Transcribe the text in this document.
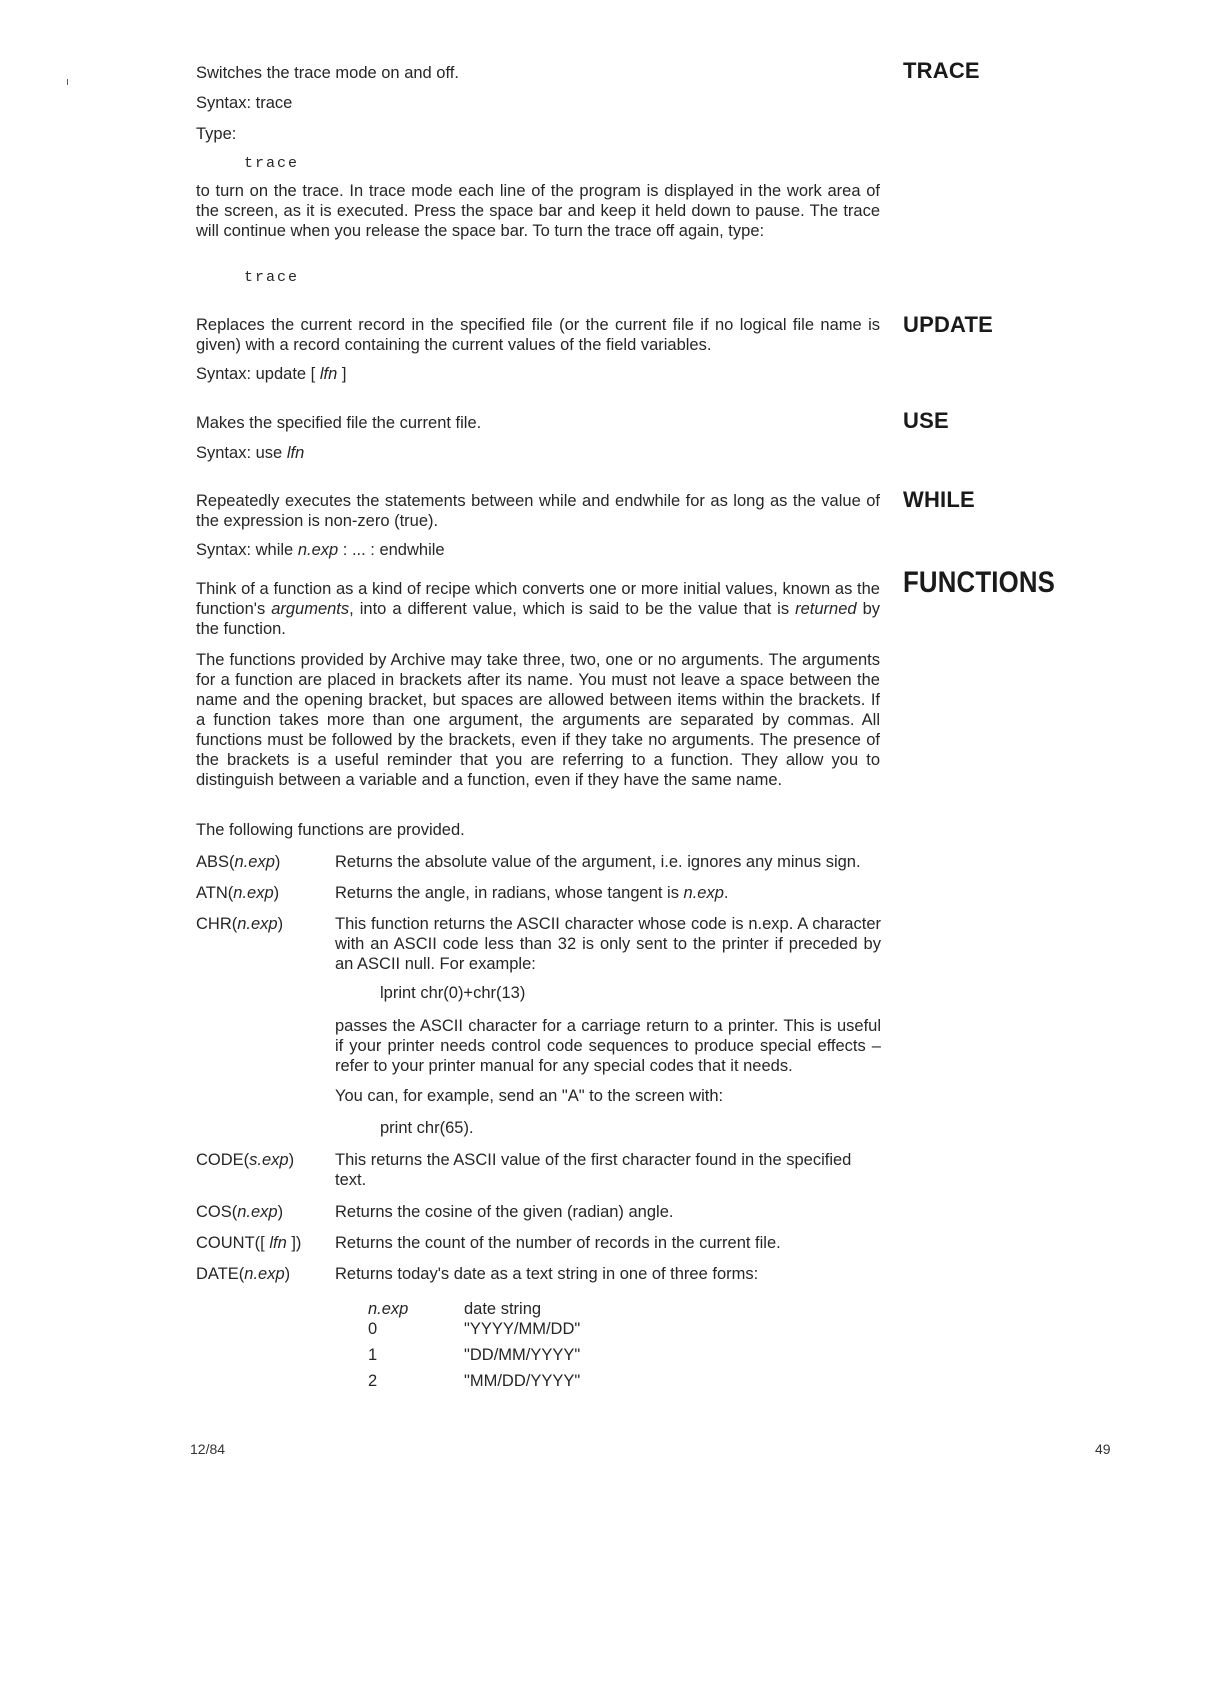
ı	TRACE

Switches the trace mode on and off.

Syntax: trace

Type:

trace

to turn on the trace. In trace mode each line of the program is displayed in the work area of the screen, as it is executed. Press the space bar and keep it held down to pause. The trace will continue when you release the space bar. To turn the trace off again, type:

trace

UPDATE

Replaces the current record in the specified file (or the current file if no logical file name is given) with a record containing the current values of the field variables.

Syntax: update [ lfn ]

USE

Makes the specified file the current file.

Syntax: use lfn

WHILE

Repeatedly executes the statements between while and endwhile for as long as the value of the expression is non-zero (true).

Syntax: while n.exp : ... : endwhile

FUNCTIONS

Think of a function as a kind of recipe which converts one or more initial values, known as the function's arguments, into a different value, which is said to be the value that is returned by the function.

The functions provided by Archive may take three, two, one or no arguments. The arguments for a function are placed in brackets after its name. You must not leave a space between the name and the opening bracket, but spaces are allowed between items within the brackets. If a function takes more than one argument, the arguments are separated by commas. All functions must be followed by the brackets, even if they take no arguments. The presence of the brackets is a useful reminder that you are referring to a function. They allow you to distinguish between a variable and a function, even if they have the same name.

The following functions are provided.

ABS(n.exp)	Returns the absolute value of the argument, i.e. ignores any minus sign.

ATN(n.exp)	Returns the angle, in radians, whose tangent is n.exp.

CHR(n.exp)	This function returns the ASCII character whose code is n.exp. A character with an ASCII code less than 32 is only sent to the printer if preceded by an ASCII null. For example:

lprint chr(0)+chr(13)

passes the ASCII character for a carriage return to a printer. This is useful if your printer needs control code sequences to produce special effects – refer to your printer manual for any special codes that it needs.

You can, for example, send an "A" to the screen with:

print chr(65).

CODE(s.exp) This returns the ASCII value of the first character found in the specified text.

COS(n.exp)	Returns the cosine of the given (radian) angle.

COUNT([ lfn ]) Returns the count of the number of records in the current file.

DATE(n.exp)	Returns today's date as a text string in one of three forms:

n.exp	date string
0	"YYYY/MM/DD"
1	"DD/MM/YYYY"
2	"MM/DD/YYYY"
12/84	49
